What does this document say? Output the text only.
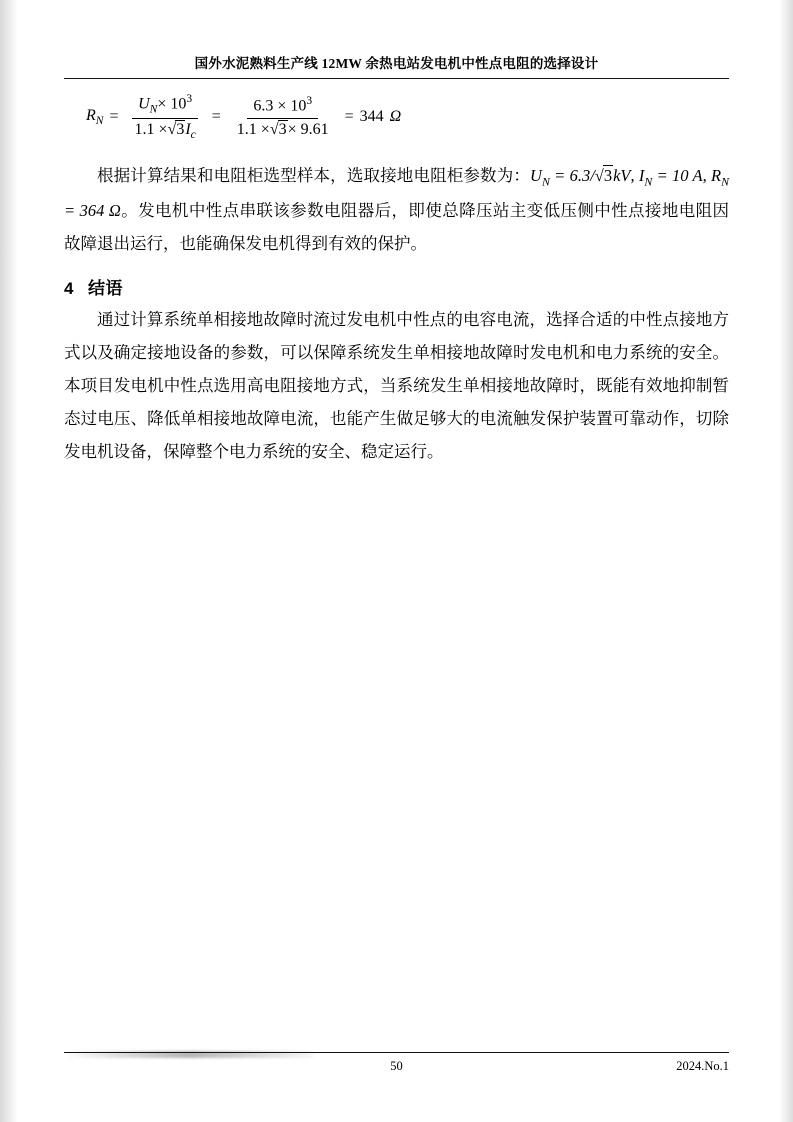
国外水泥熟料生产线 12MW 余热电站发电机中性点电阻的选择设计
$R_N = \frac{U_N\times 10^3}{1.1 \times√3I_c} = \frac{6.3 \times 10^3}{1.1 \times√3\times 9.61} = 344$ Ω

根据计算结果和电阻柜选型样本，选取接地电阻柜参数为：$U_N = 6.3/√3kV$, $I_N = 10$ A, $R_N = 364$ Ω。发电机中性点串联该参数电阻器后，即使总降压站主变低压侧中性点接地电阻因故障退出运行，也能确保发电机得到有效的保护。

4 结语

通过计算系统单相接地故障时流过发电机中性点的电容电流，选择合适的中性点接地方式以及确定接地设备的参数，可以保障系统发生单相接地故障时发电机和电力系统的安全。本项目发电机中性点选用高电阻接地方式，当系统发生单相接地故障时，既能有效地抑制暂态过电压、降低单相接地故障电流，也能产生做足够大的电流触发保护装置可靠动作，切除发电机设备，保障整个电力系统的安全、稳定运行。

50	2024.No.1
